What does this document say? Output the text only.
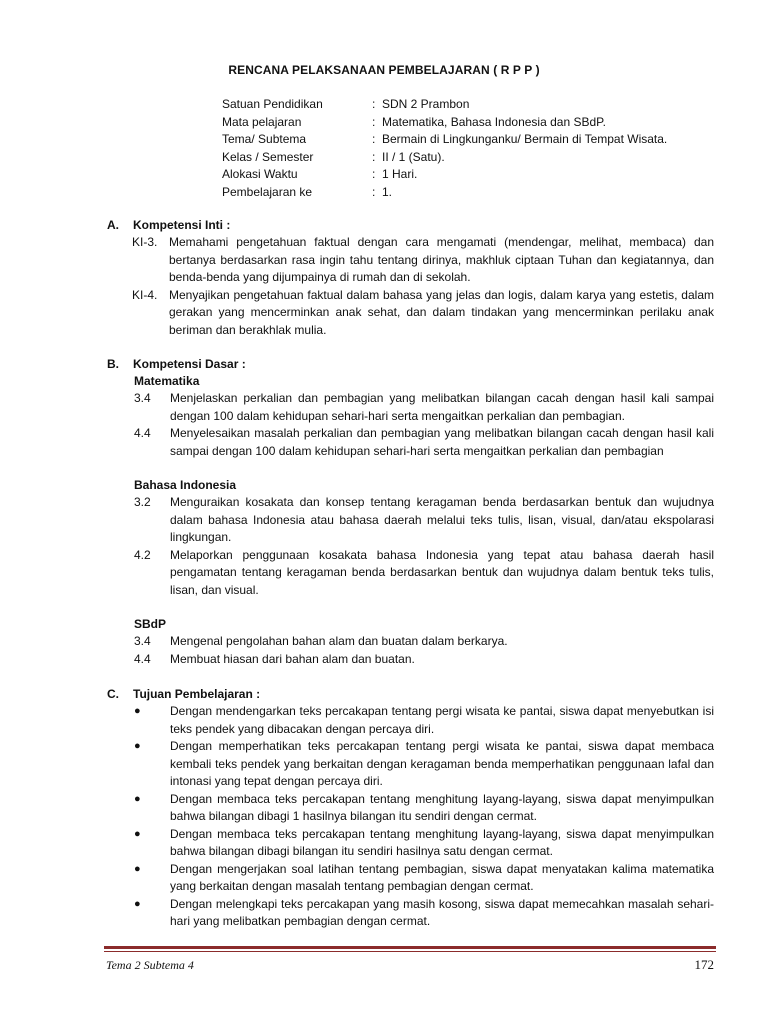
RENCANA PELAKSANAAN PEMBELAJARAN ( R P P )
Satuan Pendidikan	: SDN 2 Prambon
Mata pelajaran	: Matematika, Bahasa Indonesia dan SBdP.
Tema/ Subtema	: Bermain di Lingkunganku/ Bermain di Tempat Wisata.
Kelas / Semester	: II / 1 (Satu).
Alokasi Waktu	: 1 Hari.
Pembelajaran ke	: 1.
A. Kompetensi Inti :
KI-3. Memahami pengetahuan faktual dengan cara mengamati (mendengar, melihat, membaca) dan bertanya berdasarkan rasa ingin tahu tentang dirinya, makhluk ciptaan Tuhan dan kegiatannya, dan benda-benda yang dijumpainya di rumah dan di sekolah.
KI-4. Menyajikan pengetahuan faktual dalam bahasa yang jelas dan logis, dalam karya yang estetis, dalam gerakan yang mencerminkan anak sehat, dan dalam tindakan yang mencerminkan perilaku anak beriman dan berakhlak mulia.
B. Kompetensi Dasar :
Matematika
3.4	Menjelaskan perkalian dan pembagian yang melibatkan bilangan cacah dengan hasil kali sampai dengan 100 dalam kehidupan sehari-hari serta mengaitkan perkalian dan pembagian.
4.4	Menyelesaikan masalah perkalian dan pembagian yang melibatkan bilangan cacah dengan hasil kali sampai dengan 100 dalam kehidupan sehari-hari serta mengaitkan perkalian dan pembagian
Bahasa Indonesia
3.2	Menguraikan kosakata dan konsep tentang keragaman benda berdasarkan bentuk dan wujudnya dalam bahasa Indonesia atau bahasa daerah melalui teks tulis, lisan, visual, dan/atau ekspolarasi lingkungan.
4.2	Melaporkan penggunaan kosakata bahasa Indonesia yang tepat atau bahasa daerah hasil pengamatan tentang keragaman benda berdasarkan bentuk dan wujudnya dalam bentuk teks tulis, lisan, dan visual.
SBdP
3.4	Mengenal pengolahan bahan alam dan buatan dalam berkarya.
4.4	Membuat hiasan dari bahan alam dan buatan.
C. Tujuan Pembelajaran :
●	Dengan mendengarkan teks percakapan tentang pergi wisata ke pantai, siswa dapat menyebutkan isi teks pendek yang dibacakan dengan percaya diri.
●	Dengan memperhatikan teks percakapan tentang pergi wisata ke pantai, siswa dapat membaca kembali teks pendek yang berkaitan dengan keragaman benda memperhatikan penggunaan lafal dan intonasi yang tepat dengan percaya diri.
●	Dengan membaca teks percakapan tentang menghitung layang-layang, siswa dapat menyimpulkan bahwa bilangan dibagi 1 hasilnya bilangan itu sendiri dengan cermat.
●	Dengan membaca teks percakapan tentang menghitung layang-layang, siswa dapat menyimpulkan bahwa bilangan dibagi bilangan itu sendiri hasilnya satu dengan cermat.
●	Dengan mengerjakan soal latihan tentang pembagian, siswa dapat menyatakan kalima matematika yang berkaitan dengan masalah tentang pembagian dengan cermat.
●	Dengan melengkapi teks percakapan yang masih kosong, siswa dapat memecahkan masalah sehari-hari yang melibatkan pembagian dengan cermat.
Tema 2 Subtema 4	172
